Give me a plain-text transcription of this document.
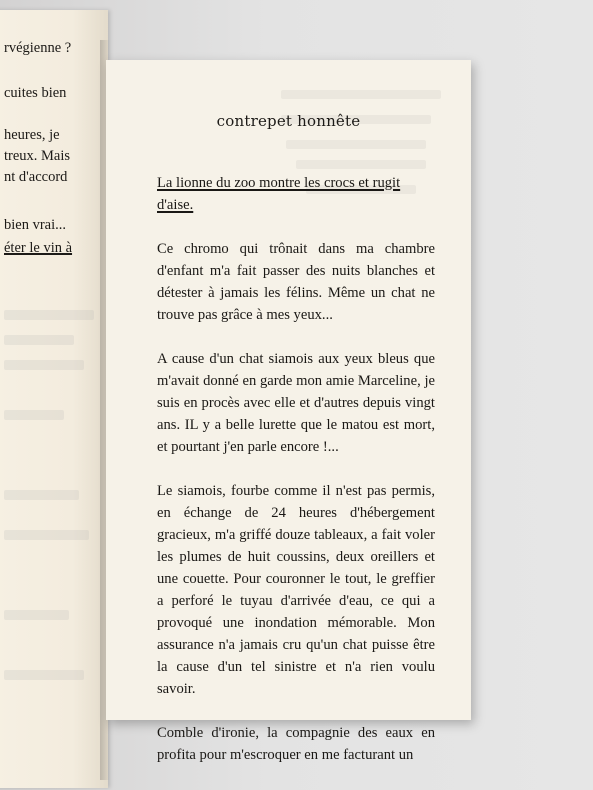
rvégienne ?
cuites bien
heures, je
treux. Mais
nt d'accord
bien vrai...
éter le vin à
contrepet honnête

La lionne du zoo montre les crocs et rugit d'aise.

Ce chromo qui trônait dans ma chambre d'enfant m'a fait passer des nuits blanches et détester à jamais les félins. Même un chat ne trouve pas grâce à mes yeux...

A cause d'un chat siamois aux yeux bleus que m'avait donné en garde mon amie Marceline, je suis en procès avec elle et d'autres depuis vingt ans. IL y a belle lurette que le matou est mort, et pourtant j'en parle encore !...

Le siamois, fourbe comme il n'est pas permis, en échange de 24 heures d'hébergement gracieux, m'a griffé douze tableaux, a fait voler les plumes de huit coussins, deux oreillers et une couette. Pour couronner le tout, le greffier a perforé le tuyau d'arrivée d'eau, ce qui a provoqué une inondation mémorable. Mon assurance n'a jamais cru qu'un chat puisse être la cause d'un tel sinistre et n'a rien voulu savoir.

Comble d'ironie, la compagnie des eaux en profita pour m'escroquer en me facturant un
